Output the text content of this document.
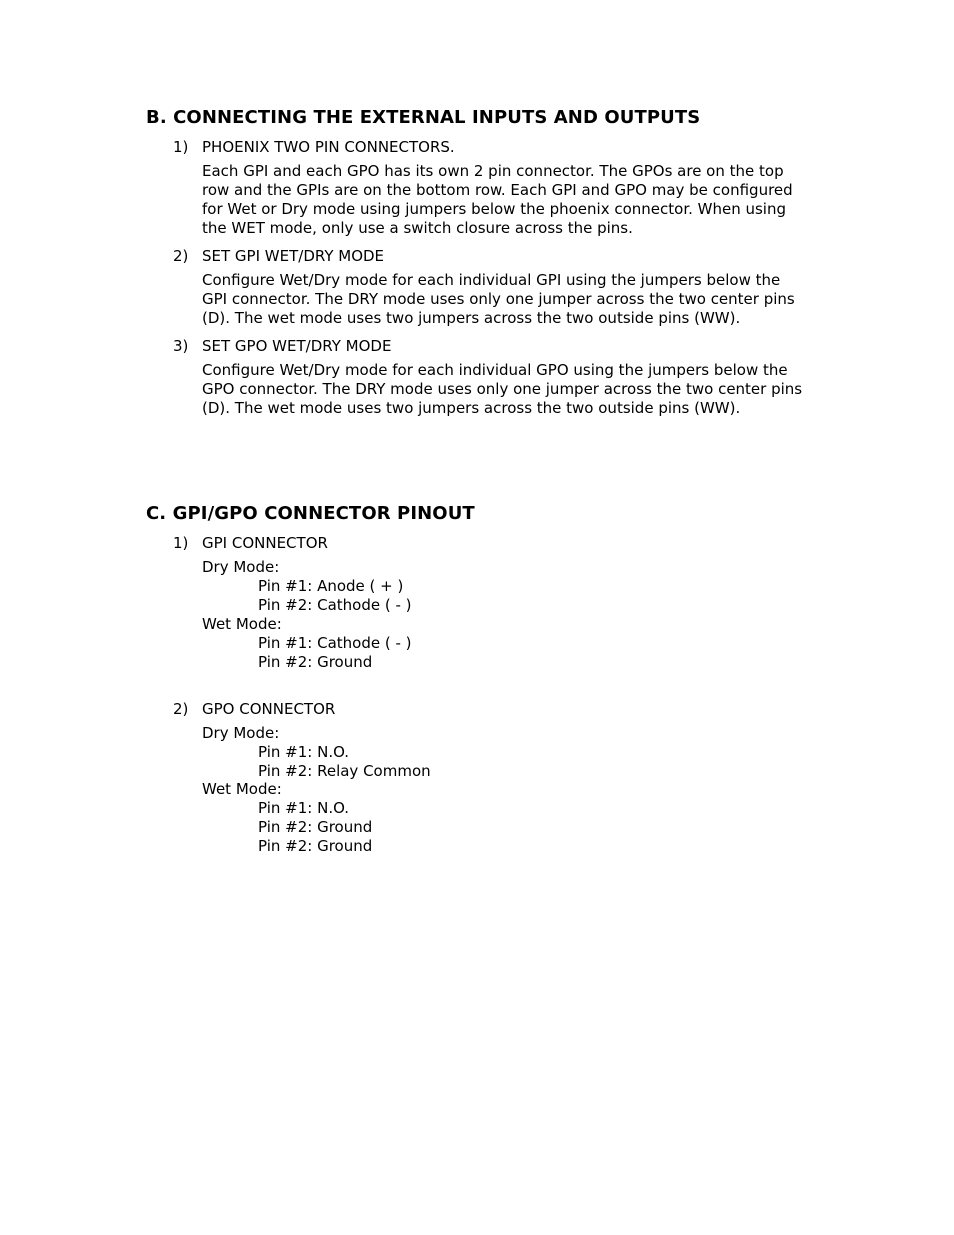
B. CONNECTING THE EXTERNAL INPUTS AND OUTPUTS
1) PHOENIX TWO PIN CONNECTORS.
Each GPI and each GPO has its own 2 pin connector. The GPOs are on the top
row and the GPIs are on the bottom row. Each GPI and GPO may be configured
for Wet or Dry mode using jumpers below the phoenix connector. When using
the WET mode, only use a switch closure across the pins.
2) SET GPI WET/DRY MODE
Configure Wet/Dry mode for each individual GPI using the jumpers below the
GPI connector. The DRY mode uses only one jumper across the two center pins
(D). The wet mode uses two jumpers across the two outside pins (WW).
3) SET GPO WET/DRY MODE
Configure Wet/Dry mode for each individual GPO using the jumpers below the
GPO connector. The DRY mode uses only one jumper across the two center pins
(D). The wet mode uses two jumpers across the two outside pins (WW).
C. GPI/GPO CONNECTOR PINOUT
1) GPI CONNECTOR
Dry Mode:
Pin #1: Anode ( + )
Pin #2: Cathode ( - )
Wet Mode:
Pin #1: Cathode ( - )
Pin #2: Ground
2) GPO CONNECTOR
Dry Mode:
Pin #1: N.O.
Pin #2: Relay Common
Wet Mode:
Pin #1: N.O.
Pin #2: Ground
Pin #2: Ground
